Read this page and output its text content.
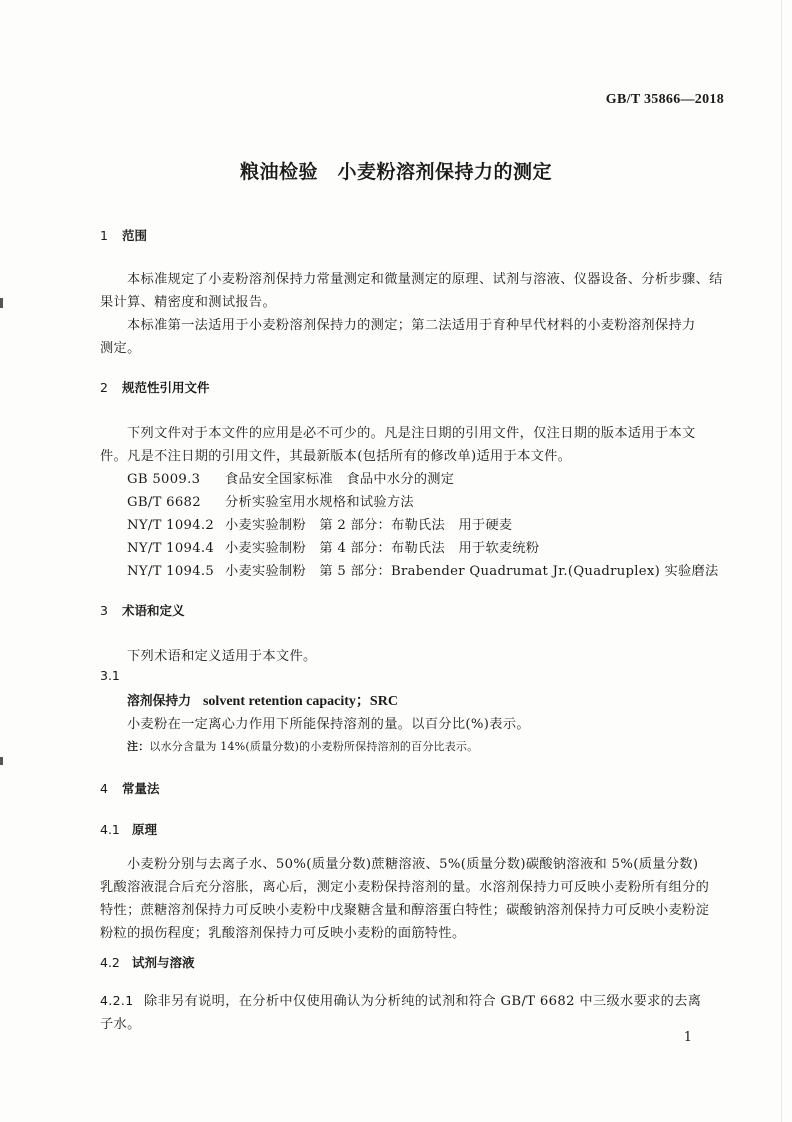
GB/T 35866—2018
粮油检验　小麦粉溶剂保持力的测定
1 范围
本标准规定了小麦粉溶剂保持力常量测定和微量测定的原理、试剂与溶液、仪器设备、分析步骤、结
果计算、精密度和测试报告。
本标准第一法适用于小麦粉溶剂保持力的测定；第二法适用于育种早代材料的小麦粉溶剂保持力
测定。
2 规范性引用文件
下列文件对于本文件的应用是必不可少的。凡是注日期的引用文件，仅注日期的版本适用于本文
件。凡是不注日期的引用文件，其最新版本(包括所有的修改单)适用于本文件。
GB 5009.3 食品安全国家标准　食品中水分的测定
GB/T 6682 分析实验室用水规格和试验方法
NY/T 1094.2 小麦实验制粉　第 2 部分：布勒氏法　用于硬麦
NY/T 1094.4 小麦实验制粉　第 4 部分：布勒氏法　用于软麦统粉
NY/T 1094.5 小麦实验制粉　第 5 部分：Brabender Quadrumat Jr.(Quadruplex) 实验磨法
3 术语和定义
下列术语和定义适用于本文件。
3.1
溶剂保持力 solvent retention capacity；SRC
小麦粉在一定离心力作用下所能保持溶剂的量。以百分比(%)表示。
注：以水分含量为 14%(质量分数)的小麦粉所保持溶剂的百分比表示。
4 常量法
4.1 原理
小麦粉分别与去离子水、50%(质量分数)蔗糖溶液、5%(质量分数)碳酸钠溶液和 5%(质量分数)
乳酸溶液混合后充分溶胀，离心后，测定小麦粉保持溶剂的量。水溶剂保持力可反映小麦粉所有组分的
特性；蔗糖溶剂保持力可反映小麦粉中戊聚糖含量和醇溶蛋白特性；碳酸钠溶剂保持力可反映小麦粉淀
粉粒的损伤程度；乳酸溶剂保持力可反映小麦粉的面筋特性。
4.2 试剂与溶液
4.2.1 除非另有说明，在分析中仅使用确认为分析纯的试剂和符合 GB/T 6682 中三级水要求的去离
子水。
1
